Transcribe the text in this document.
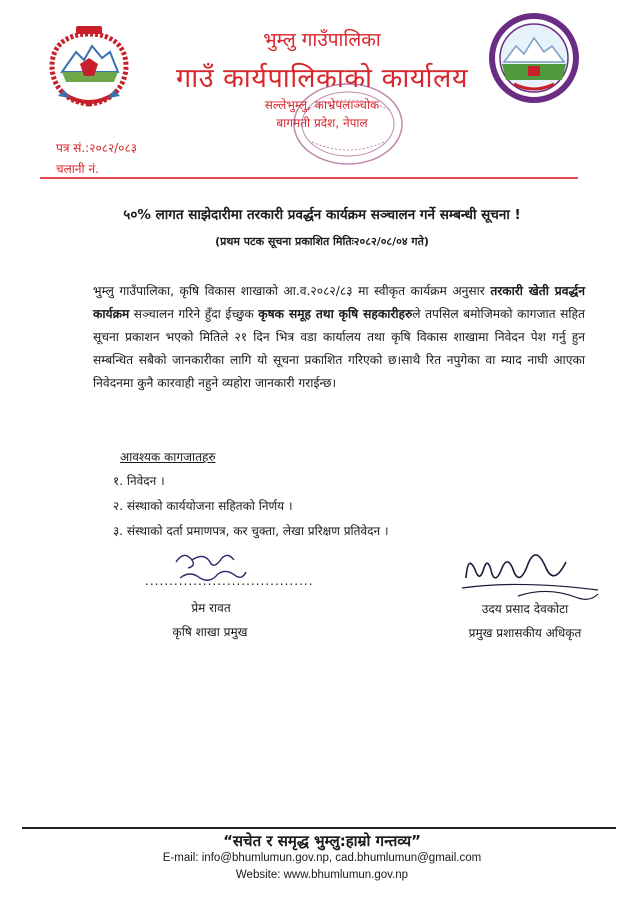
भुम्लु गाउँपालिका
गाउँ कार्यपालिकाको कार्यालय
सल्लेभुम्लु, काभ्रेपलाञ्चोक
बागमती प्रदेश, नेपाल
पत्र सं.:२०८२/०८३
चलानी नं.
५०% लागत साझेदारीमा तरकारी प्रवर्द्धन कार्यक्रम सञ्चालन गर्ने सम्बन्धी सूचना !
(प्रथम पटक सूचना प्रकाशित मितिः२०८२/०८/०४ गते)
भुम्लु गाउँपालिका, कृषि विकास शाखाको आ.व.२०८२/८३ मा स्वीकृत कार्यक्रम अनुसार तरकारी खेती प्रवर्द्धन कार्यक्रम सञ्चालन गरिने हुँदा ईच्छुक कृषक समूह तथा कृषि सहकारीहरुले तपसिल बमोजिमको कागजात सहित सूचना प्रकाशन भएको मितिले २१ दिन भित्र वडा कार्यालय तथा कृषि विकास शाखामा निवेदन पेश गर्नु हुन सम्बन्धित सबैको जानकारीका लागि यो सूचना प्रकाशित गरिएको छ।साथै रित नपुगेका वा म्याद नाघी आएका निवेदनमा कुनै कारवाही नहुने व्यहोरा जानकारी गराईन्छ।
आवश्यक कागजातहरु
१. निवेदन ।
२. संस्थाको कार्ययोजना सहितको निर्णय ।
३. संस्थाको दर्ता प्रमाणपत्र, कर चुक्ता, लेखा प्ररिक्षण प्रतिवेदन ।
...................................
प्रेम रावत
कृषि शाखा प्रमुख
उदय प्रसाद देवकोटा
प्रमुख प्रशासकीय अधिकृत
“सचेत र समृद्ध भुम्लु:हाम्रो गन्तव्य”
E-mail: info@bhumlumun.gov.np, cad.bhumlumun@gmail.com
Website: www.bhumlumun.gov.np
